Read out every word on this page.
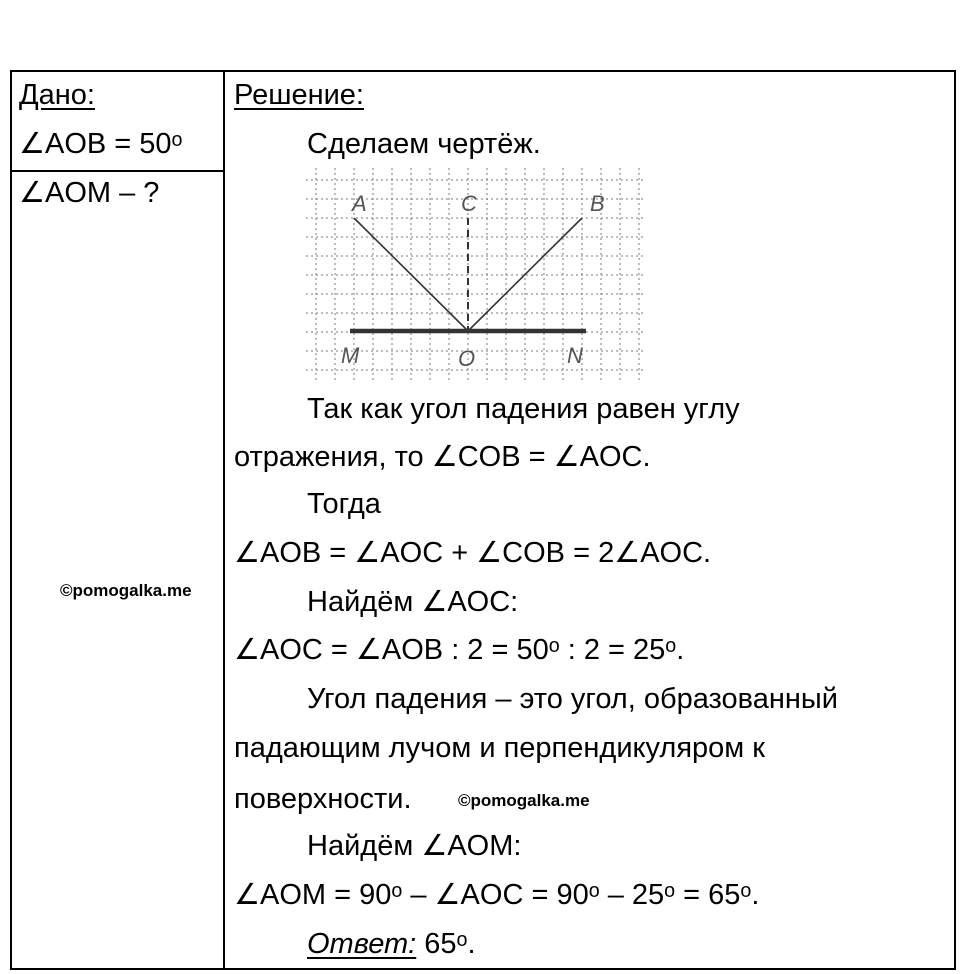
Дано:
∠AOB = 50ᵒ
∠AOM – ?
©pomogalka.me
Решение:
Сделаем чертёж.
A	C	B
M	O	N
Так как угол падения равен углу
отражения, то ∠COB = ∠AOC.
Тогда
∠AOB = ∠AOC + ∠COB = 2∠AOC.
Найдём ∠AOC:
∠AOC = ∠AOB : 2 = 50ᵒ : 2 = 25ᵒ.
Угол падения – это угол, образованный
падающим лучом и перпендикуляром к
поверхности.	©pomogalka.me
Найдём ∠AOM:
∠AOM = 90ᵒ – ∠AOC = 90ᵒ – 25ᵒ = 65ᵒ.
Ответ: 65ᵒ.
